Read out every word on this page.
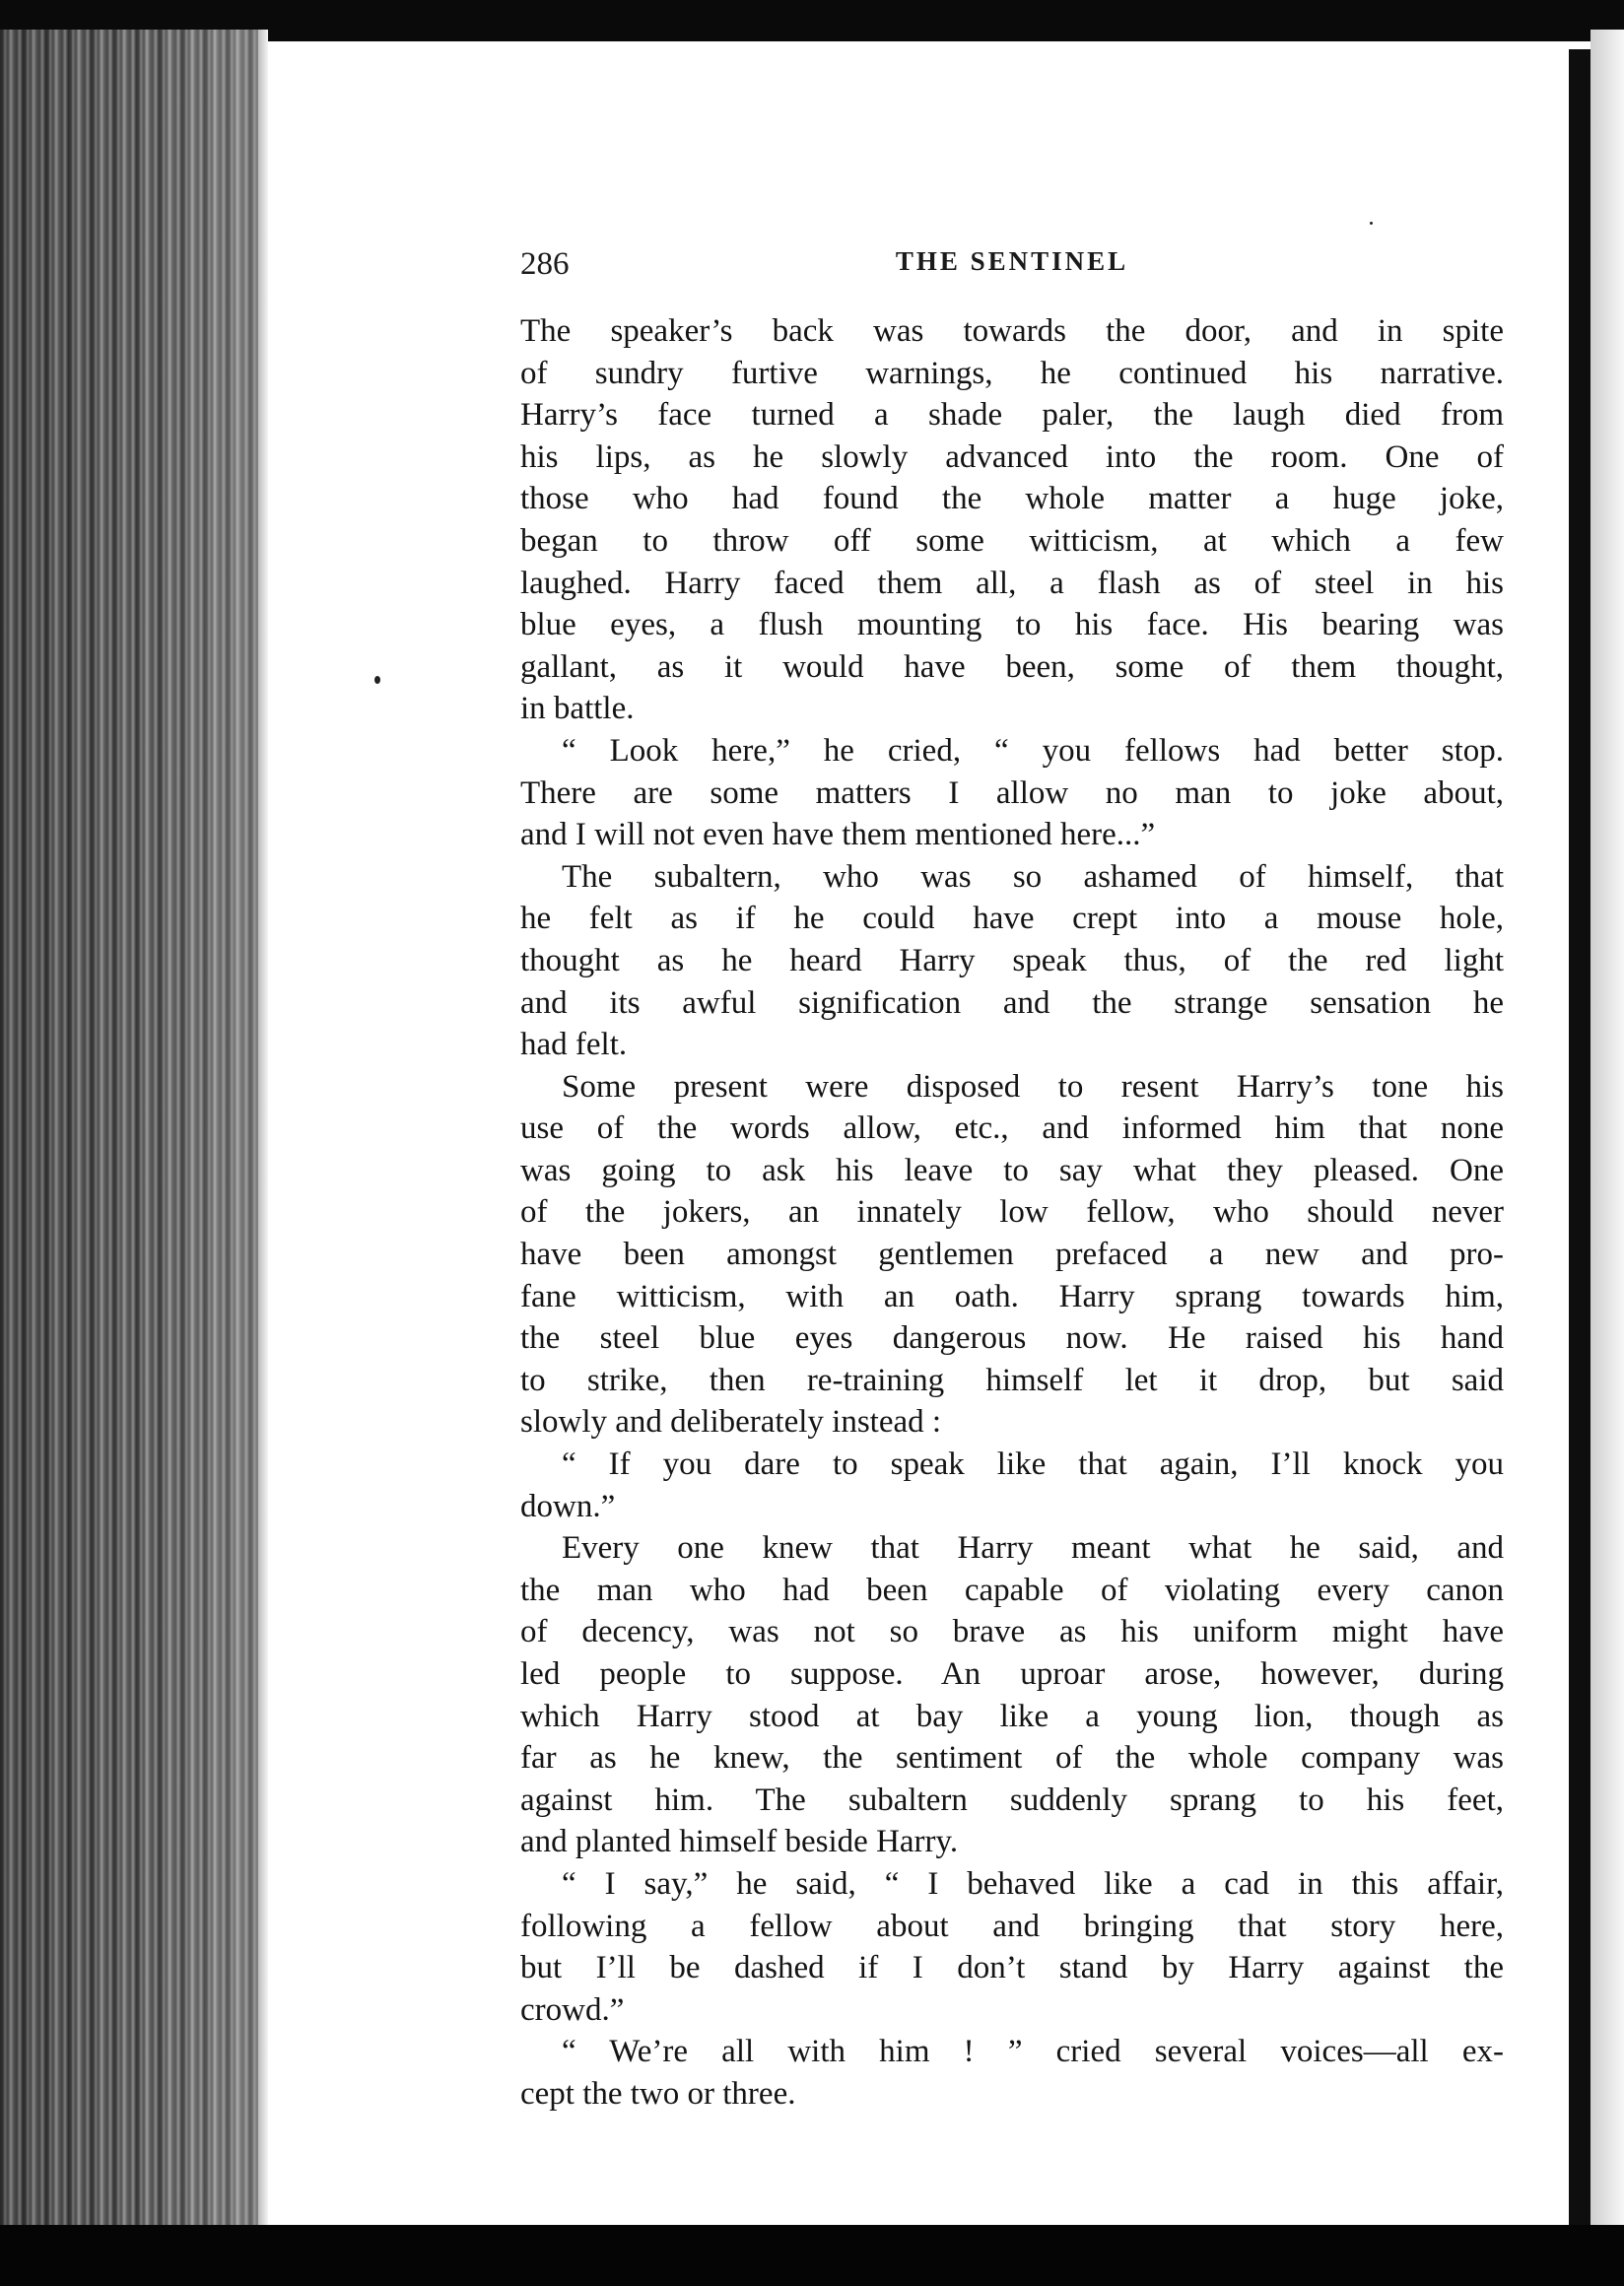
286	THE SENTINEL
The speaker’s back was towards the door, and in spite
of sundry furtive warnings, he continued his narrative.
Harry’s face turned a shade paler, the laugh died from
his lips, as he slowly advanced into the room. One of
those who had found the whole matter a huge joke,
began to throw off some witticism, at which a few
laughed. Harry faced them all, a flash as of steel in his
blue eyes, a flush mounting to his face. His bearing was
gallant, as it would have been, some of them thought,
in battle.
“ Look here,” he cried, “ you fellows had better stop.
There are some matters I allow no man to joke about,
and I will not even have them mentioned here...”
The subaltern, who was so ashamed of himself, that
he felt as if he could have crept into a mouse hole,
thought as he heard Harry speak thus, of the red light
and its awful signification and the strange sensation he
had felt.
Some present were disposed to resent Harry’s tone his
use of the words allow, etc., and informed him that none
was going to ask his leave to say what they pleased. One
of the jokers, an innately low fellow, who should never
have been amongst gentlemen prefaced a new and pro-
fane witticism, with an oath. Harry sprang towards him,
the steel blue eyes dangerous now. He raised his hand
to strike, then re-training himself let it drop, but said
slowly and deliberately instead :
“ If you dare to speak like that again, I’ll knock you
down.”
Every one knew that Harry meant what he said, and
the man who had been capable of violating every canon
of decency, was not so brave as his uniform might have
led people to suppose. An uproar arose, however, during
which Harry stood at bay like a young lion, though as
far as he knew, the sentiment of the whole company was
against him. The subaltern suddenly sprang to his feet,
and planted himself beside Harry.
“ I say,” he said, “ I behaved like a cad in this affair,
following a fellow about and bringing that story here,
but I’ll be dashed if I don’t stand by Harry against the
crowd.”
“ We’re all with him ! ” cried several voices—all ex-
cept the two or three.
